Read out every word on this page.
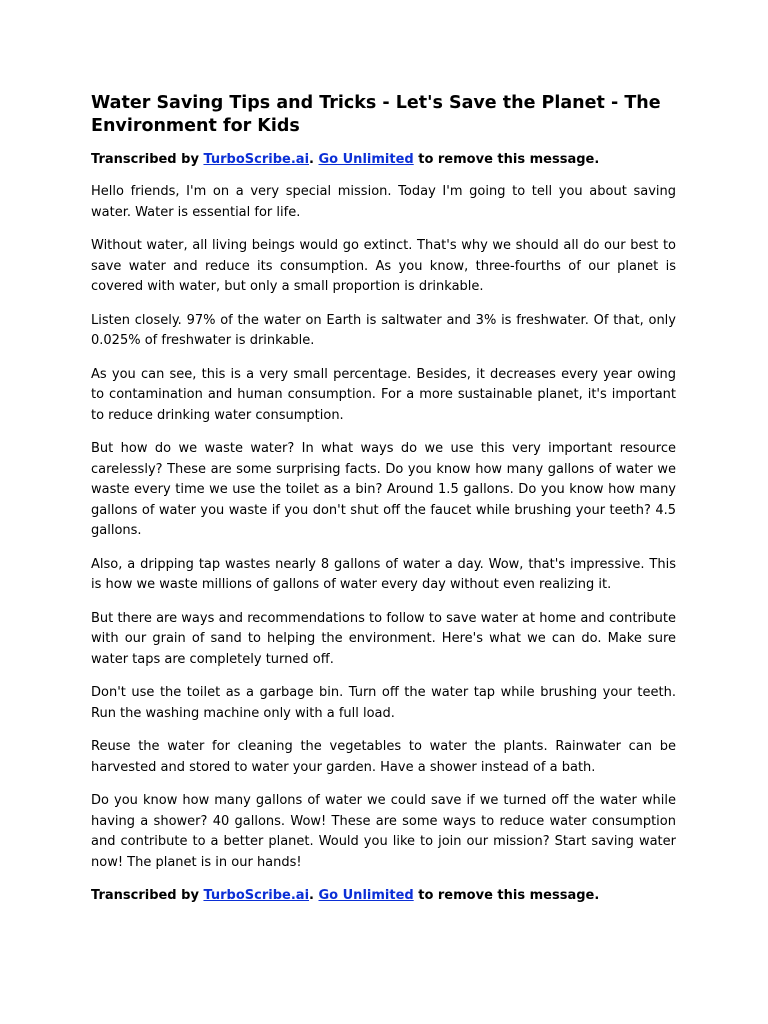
Water Saving Tips and Tricks - Let's Save the Planet - The Environment for Kids
Transcribed by TurboScribe.ai. Go Unlimited to remove this message.

Hello friends, I'm on a very special mission. Today I'm going to tell you about saving water. Water is essential for life.

Without water, all living beings would go extinct. That's why we should all do our best to save water and reduce its consumption. As you know, three-fourths of our planet is covered with water, but only a small proportion is drinkable.

Listen closely. 97% of the water on Earth is saltwater and 3% is freshwater. Of that, only 0.025% of freshwater is drinkable.

As you can see, this is a very small percentage. Besides, it decreases every year owing to contamination and human consumption. For a more sustainable planet, it's important to reduce drinking water consumption.

But how do we waste water? In what ways do we use this very important resource carelessly? These are some surprising facts. Do you know how many gallons of water we waste every time we use the toilet as a bin? Around 1.5 gallons. Do you know how many gallons of water you waste if you don't shut off the faucet while brushing your teeth? 4.5 gallons.

Also, a dripping tap wastes nearly 8 gallons of water a day. Wow, that's impressive. This is how we waste millions of gallons of water every day without even realizing it.

But there are ways and recommendations to follow to save water at home and contribute with our grain of sand to helping the environment. Here's what we can do. Make sure water taps are completely turned off.

Don't use the toilet as a garbage bin. Turn off the water tap while brushing your teeth. Run the washing machine only with a full load.

Reuse the water for cleaning the vegetables to water the plants. Rainwater can be harvested and stored to water your garden. Have a shower instead of a bath.

Do you know how many gallons of water we could save if we turned off the water while having a shower? 40 gallons. Wow! These are some ways to reduce water consumption and contribute to a better planet. Would you like to join our mission? Start saving water now! The planet is in our hands!

Transcribed by TurboScribe.ai. Go Unlimited to remove this message.
